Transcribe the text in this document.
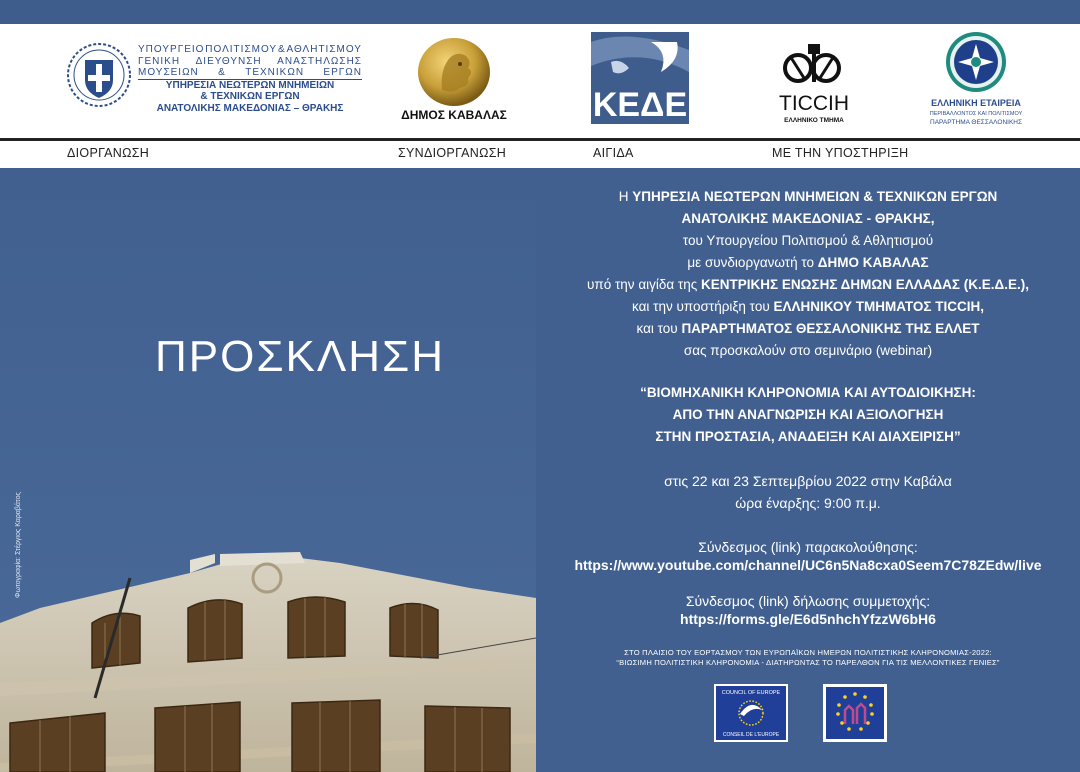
ΥΠΟΥΡΓΕΙΟ ΠΟΛΙΤΙΣΜΟΥ & ΑΘΛΗΤΙΣΜΟΥ
ΓΕΝΙΚΗ ΔΙΕΥΘΥΝΣΗ ΑΝΑΣΤΗΛΩΣΗΣ
ΜΟΥΣΕΙΩΝ & ΤΕΧΝΙΚΩΝ ΕΡΓΩΝ
ΥΠΗΡΕΣΙΑ ΝΕΩΤΕΡΩΝ ΜΝΗΜΕΙΩΝ
& ΤΕΧΝΙΚΩΝ ΕΡΓΩΝ
ΑΝΑΤΟΛΙΚΗΣ ΜΑΚΕΔΟΝΙΑΣ – ΘΡΑΚΗΣ	ΔΗΜΟΣ ΚΑΒΑΛΑΣ	ΚΕΔΕ	TICCIH
ΕΛΛΗΝΙΚΟ ΤΜΗΜΑ
ΕΛΛΗΝΙΚΗ ΕΤΑΙΡΕΙΑ
ΠΕΡΙΒΑΛΛΟΝΤΟΣ ΚΑΙ ΠΟΛΙΤΙΣΜΟΥ
ΠΑΡΑΡΤΗΜΑ ΘΕΣΣΑΛΟΝΙΚΗΣ
ΔΙΟΡΓΑΝΩΣΗ	ΣΥΝΔΙΟΡΓΑΝΩΣΗ	ΑΙΓΙΔΑ	ΜΕ ΤΗΝ ΥΠΟΣΤΗΡΙΞΗ
ΠΡΟΣΚΛΗΣΗ
Φωτογραφία: Στέργιος Καραβάτος
Η ΥΠΗΡΕΣΙΑ ΝΕΩΤΕΡΩΝ ΜΝΗΜΕΙΩΝ & ΤΕΧΝΙΚΩΝ ΕΡΓΩΝ
ΑΝΑΤΟΛΙΚΗΣ ΜΑΚΕΔΟΝΙΑΣ - ΘΡΑΚΗΣ,
του Υπουργείου Πολιτισμού & Αθλητισμού
με συνδιοργανωτή το ΔΗΜΟ ΚΑΒΑΛΑΣ
υπό την αιγίδα της ΚΕΝΤΡΙΚΗΣ ΕΝΩΣΗΣ ΔΗΜΩΝ ΕΛΛΑΔΑΣ (Κ.Ε.Δ.Ε.),
και την υποστήριξη του ΕΛΛΗΝΙΚΟΥ ΤΜΗΜΑΤΟΣ TICCIH,
και του ΠΑΡΑΡΤΗΜΑΤΟΣ ΘΕΣΣΑΛΟΝΙΚΗΣ ΤΗΣ ΕΛΛΕΤ
σας προσκαλούν στο σεμινάριο (webinar)
“ΒΙΟΜΗΧΑΝΙΚΗ ΚΛΗΡΟΝΟΜΙΑ ΚΑΙ ΑΥΤΟΔΙΟΙΚΗΣΗ:
ΑΠΟ ΤΗΝ ΑΝΑΓΝΩΡΙΣΗ ΚΑΙ ΑΞΙΟΛΟΓΗΣΗ
ΣΤΗΝ ΠΡΟΣΤΑΣΙΑ, ΑΝΑΔΕΙΞΗ ΚΑΙ ΔΙΑΧΕΙΡΙΣΗ”
στις 22 και 23 Σεπτεμβρίου 2022 στην Καβάλα
ώρα έναρξης: 9:00 π.μ.
Σύνδεσμος (link) παρακολούθησης:
https://www.youtube.com/channel/UC6n5Na8cxa0Seem7C78ZEdw/live
Σύνδεσμος (link) δήλωσης συμμετοχής:
https://forms.gle/E6d5nhchYfzzW6bH6
ΣΤΟ ΠΛΑΙΣΙΟ ΤΟΥ ΕΟΡΤΑΣΜΟΥ ΤΩΝ ΕΥΡΩΠΑΪΚΩΝ ΗΜΕΡΩΝ ΠΟΛΙΤΙΣΤΙΚΗΣ ΚΛΗΡΟΝΟΜΙΑΣ-2022:
“ΒΙΩΣΙΜΗ ΠΟΛΙΤΙΣΤΙΚΗ ΚΛΗΡΟΝΟΜΙΑ - ΔΙΑΤΗΡΩΝΤΑΣ ΤΟ ΠΑΡΕΛΘΟΝ ΓΙΑ ΤΙΣ ΜΕΛΛΟΝΤΙΚΕΣ ΓΕΝΙΕΣ”
COUNCIL OF EUROPE
CONSEIL DE L'EUROPE
